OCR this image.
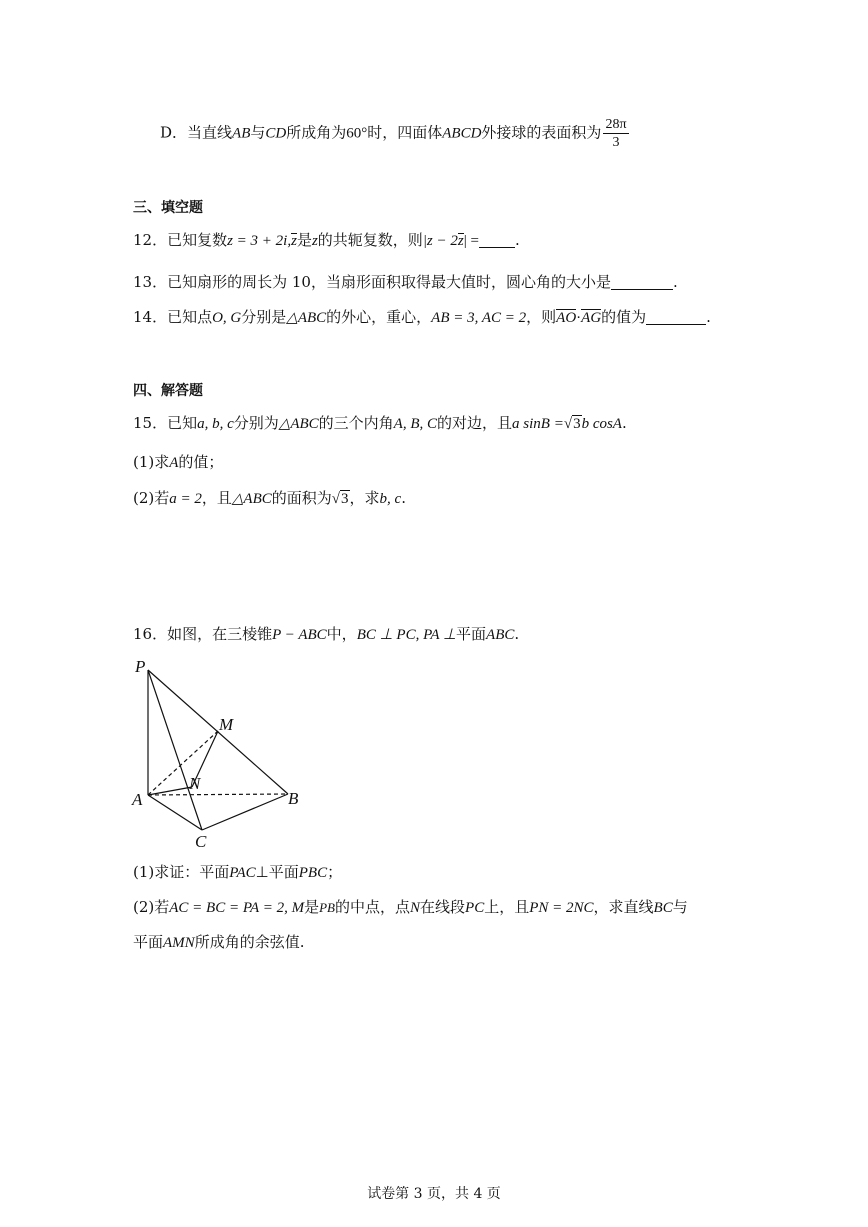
D．当直线AB与CD所成角为60°时，四面体ABCD外接球的表面积为 $\frac{28\pi}{3}$
三、填空题
12．已知复数z = 3 + 2i,z是z的共轭复数，则|z − 2z| = .
13．已知扇形的周长为 10，当扇形面积取得最大值时，圆心角的大小是	.
14．已知点O, G分别是△ABC的外心，重心，AB = 3, AC = 2，则AO·AG的值为	.
四、解答题
15．已知a, b, c分别为△ABC的三个内角A, B, C的对边，且a sinB =√3b cosA.
(1)求A的值；
(2)若a = 2，且△ABC的面积为√3，求b, c.
16．如图，在三棱锥P − ABC中，BC ⊥ PC, PA ⊥平面ABC.
P
M
N
A	B
C
(1)求证：平面PAC⊥平面PBC；
(2)若AC = BC = PA = 2, M是PB的中点，点N在线段PC上，且PN = 2NC，求直线BC与
平面AMN所成角的余弦值.
试卷第 3 页，共 4 页
